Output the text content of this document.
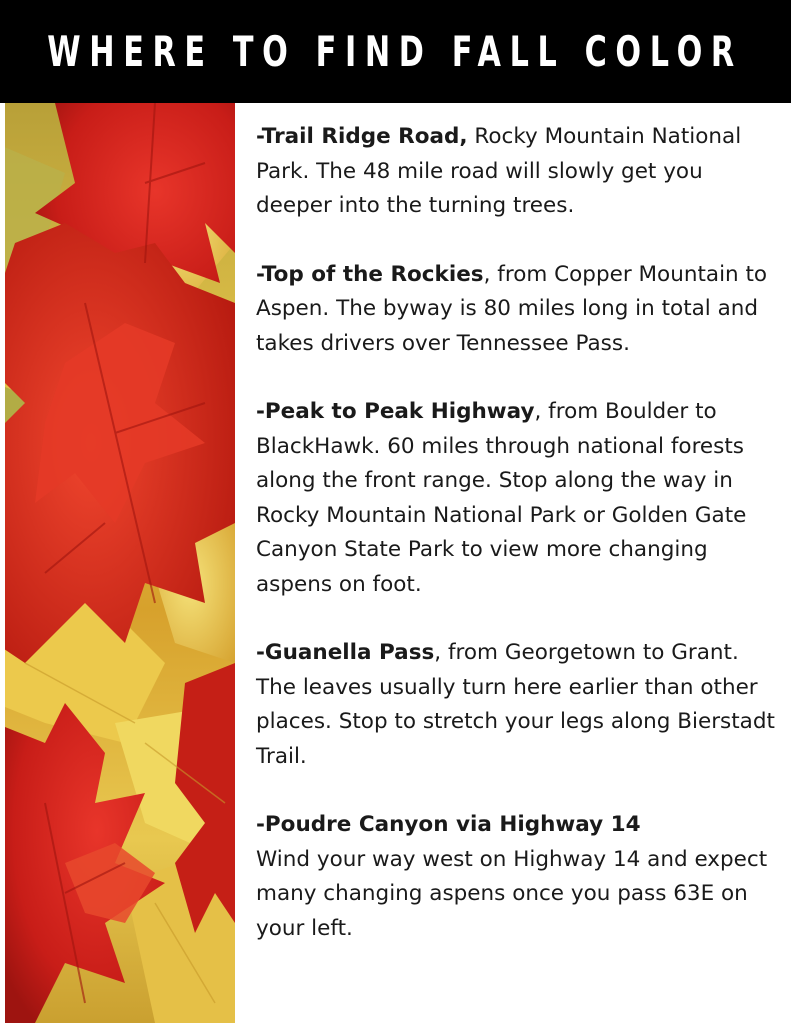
WHERE TO FIND FALL COLOR

-Trail Ridge Road, Rocky Mountain National Park. The 48 mile road will slowly get you deeper into the turning trees.

-Top of the Rockies, from Copper Mountain to Aspen. The byway is 80 miles long in total and takes drivers over Tennessee Pass.

-Peak to Peak Highway, from Boulder to BlackHawk. 60 miles through national forests along the front range. Stop along the way in Rocky Mountain National Park or Golden Gate Canyon State Park to view more changing aspens on foot.

-Guanella Pass, from Georgetown to Grant. The leaves usually turn here earlier than other places. Stop to stretch your legs along Bierstadt Trail.

-Poudre Canyon via Highway 14
Wind your way west on Highway 14 and expect many changing aspens once you pass 63E on your left.
